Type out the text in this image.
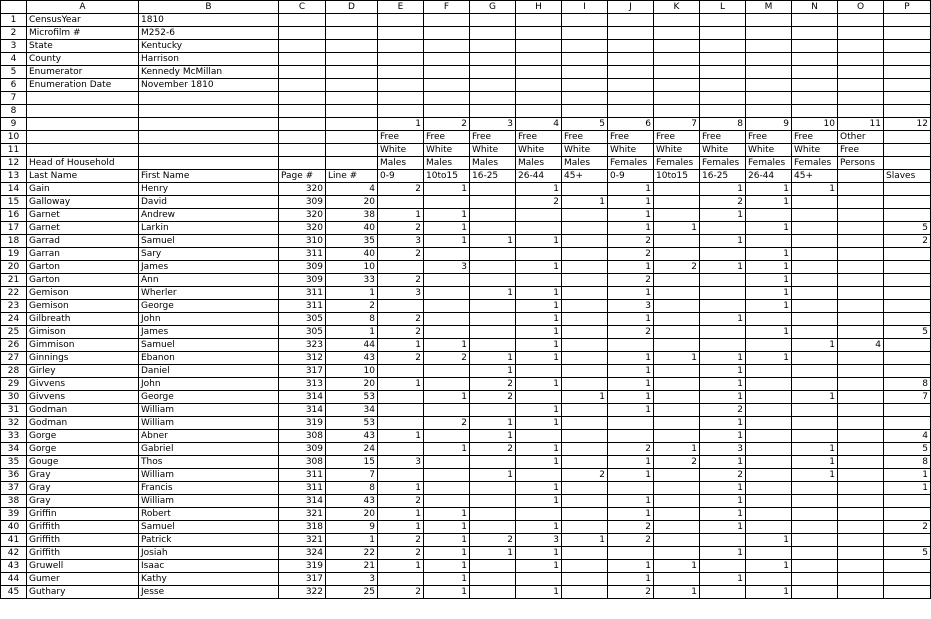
	A	B	C	D	E	F	G	H	I	J	K	L	M	N	O	P
1	CensusYear	1810														
2	Microfilm #	M252-6														
3	State	Kentucky														
4	County	Harrison														
5	Enumerator	Kennedy McMillan														
6	Enumeration Date	November 1810														
7																
8																
9					1	2	3	4	5	6	7	8	9	10	11	12
10					Free	Free	Free	Free	Free	Free	Free	Free	Free	Free	Other	
11					White	White	White	White	White	White	White	White	White	White	Free	
12	Head of Household				Males	Males	Males	Males	Males	Females	Females	Females	Females	Females	Persons	
13	Last Name	First Name	Page #	Line #	0-9	10to15	16-25	26-44	45+	0-9	10to15	16-25	26-44	45+		Slaves
14	Gain	Henry	320	4	2	1		1		1		1	1	1		
15	Galloway	David	309	20				2	1	1		2	1			
16	Garnet	Andrew	320	38	1	1				1		1				
17	Garnet	Larkin	320	40	2	1				1	1		1			5
18	Garrad	Samuel	310	35	3	1	1	1		2		1				2
19	Garran	Sary	311	40	2					2			1			
20	Garton	James	309	10		3		1		1	2	1	1			
21	Garton	Ann	309	33	2					2			1			
22	Gemison	Wherler	311	1	3		1	1		1			1			
23	Gemison	George	311	2				1		3			1			
24	Gilbreath	John	305	8	2			1		1		1				
25	Gimison	James	305	1	2			1		2			1			5
26	Gimmison	Samuel	323	44	1	1		1						1	4	
27	Ginnings	Ebanon	312	43	2	2	1	1		1	1	1	1			
28	Girley	Daniel	317	10			1			1		1				
29	Givvens	John	313	20	1		2	1		1		1				8
30	Givvens	George	314	53		1	2		1	1		1		1		7
31	Godman	William	314	34				1		1		2				
32	Godman	William	319	53		2	1	1				1				
33	Gorge	Abner	308	43	1		1					1				4
34	Gorge	Gabriel	309	24		1	2	1		2	1	3		1		5
35	Gouge	Thos	308	15	3			1		1	2	1		1		8
36	Gray	William	311	7			1		2	1		2		1		1
37	Gray	Francis	311	8	1			1				1				1
38	Gray	William	314	43	2			1		1		1				
39	Griffin	Robert	321	20	1	1				1		1				
40	Griffith	Samuel	318	9	1	1		1		2		1				2
41	Griffith	Patrick	321	1	2	1	2	3	1	2			1			
42	Griffith	Josiah	324	22	2	1	1	1				1				5
43	Gruwell	Isaac	319	21	1	1		1		1	1		1			
44	Gumer	Kathy	317	3		1				1		1				
45	Guthary	Jesse	322	25	2	1		1		2	1		1			
